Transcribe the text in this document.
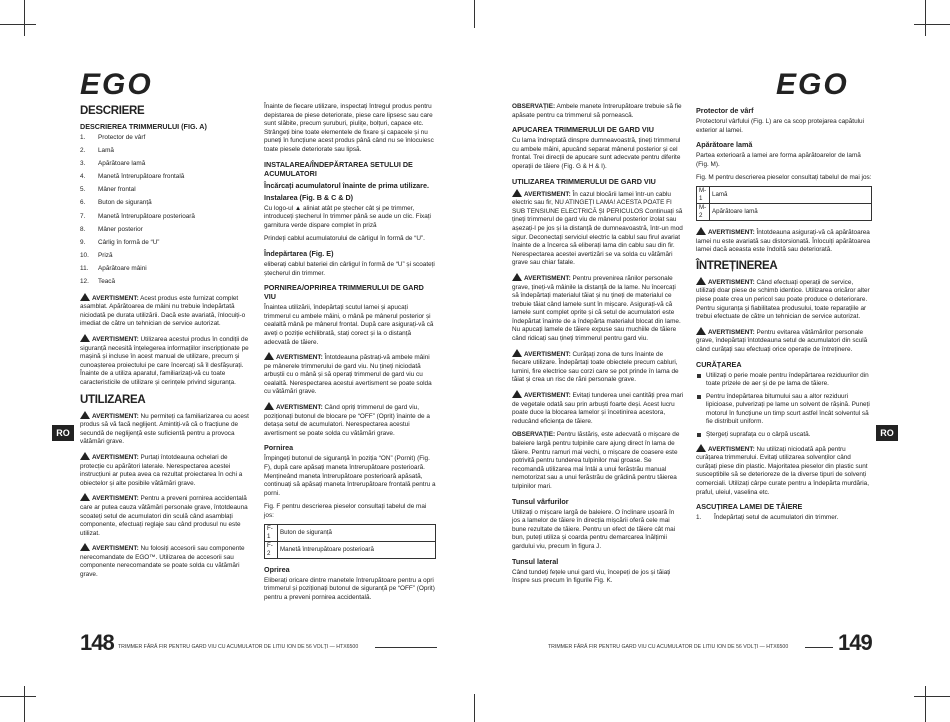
EGO	EGO
RO	RO
DESCRIERE
DESCRIEREA TRIMMERULUI (FIG. A)
1.	Protector de vârf
2.	Lamă
3.	Apărătoare lamă
4.	Manetă întrerupătoare frontală
5.	Mâner frontal
6.	Buton de siguranță
7.	Manetă întrerupătoare posterioară
8.	Mâner posterior
9.	Cârlig în formă de “U”
10.	Priză
11.	Apărătoare mâini
12.	Teacă

AVERTISMENT: Acest produs este furnizat complet asamblat. Apărătoarea de mâini nu trebuie îndepărtată niciodată pe durata utilizării. Dacă este avariată, înlocuiți-o imediat de către un tehnician de service autorizat.

AVERTISMENT: Utilizarea acestui produs în condiții de siguranță necesită înțelegerea informațiilor inscripționate pe mașină și incluse în acest manual de utilizare, precum și cunoașterea proiectului pe care încercați să îl desfășurați. Înainte de a utiliza aparatul, familiarizați-vă cu toate caracteristicile de utilizare și cerințele privind siguranța.

UTILIZAREA

AVERTISMENT: Nu permiteți ca familiarizarea cu acest produs să vă facă neglijent. Amintiți-vă că o fracțiune de secundă de neglijență este suficientă pentru a provoca vătămări grave.

AVERTISMENT: Purtați întotdeauna ochelari de protecție cu apărători laterale. Nerespectarea acestei instrucțiuni ar putea avea ca rezultat proiectarea în ochi a obiectelor și alte posibile vătămări grave.

AVERTISMENT: Pentru a preveni pornirea accidentală care ar putea cauza vătămări personale grave, întotdeauna scoateți setul de acumulatori din sculă când asamblați componente, efectuați reglaje sau când produsul nu este utilizat.

AVERTISMENT: Nu folosiți accesorii sau componente nerecomandate de EGO™. Utilizarea de accesorii sau componente nerecomandate se poate solda cu vătămări grave.

Înainte de fiecare utilizare, inspectați întregul produs pentru depistarea de piese deteriorate, piese care lipsesc sau care sunt slăbite, precum șuruburi, piulițe, bolțuri, capace etc. Strângeți bine toate elementele de fixare și capacele și nu puneți în funcțiune acest produs până când nu se înlocuiesc toate piesele deteriorate sau lipsă.

INSTALAREA/ÎNDEPĂRTAREA SETULUI DE ACUMULATORI
Încărcați acumulatorul înainte de prima utilizare.
Instalarea (Fig. B & C & D)

Cu logo-ul ▲ aliniat atât pe ștecher cât și pe trimmer, introduceți ștecherul în trimmer până se aude un clic. Fixați garnitura verde dispare complet în priză

Prindeți cablul acumulatorului de cârligul în formă de “U”.

Îndepărtarea (Fig. E)

eliberați cablul bateriei din cârligul în formă de “U” și scoateți ștecherul din trimmer.

PORNIREA/OPRIREA TRIMMERULUI DE GARD VIU

Înaintea utilizării, îndepărtați scutul lamei și apucați trimmerul cu ambele mâini, o mână pe mânerul posterior și cealaltă mână pe mânerul frontal. După care asigurați-vă că aveți o poziție echilibrată, stați corect și la o distanță adecvată de tăiere.

AVERTISMENT: Întotdeauna păstrați-vă ambele mâini pe mânerele trimmerului de gard viu. Nu țineți niciodată arbuștii cu o mână și să operați trimmerul de gard viu cu cealaltă. Nerespectarea acestui avertisment se poate solda cu vătămări grave.

AVERTISMENT: Când opriți trimmerul de gard viu, poziționați butonul de blocare pe “OFF” (Oprit) înainte de a detașa setul de acumulatori. Nerespectarea acestui avertisment se poate solda cu vătămări grave.

Pornirea

Împingeți butonul de siguranță în poziția “ON” (Pornit) (Fig. F), după care apăsați maneta întrerupătoare posterioară. Mențineând maneta întrerupătoare posterioară apăsată, continuați să apăsați maneta întrerupătoare frontală pentru a porni.

Fig. F pentru descrierea pieselor consultați tabelul de mai jos:

F-1	Buton de siguranță
F-2	Manetă întrerupătoare posterioară
Oprirea

Eliberați oricare dintre manetele întrerupătoare pentru a opri trimmerul și poziționați butonul de siguranță pe “OFF” (Oprit) pentru a preveni pornirea accidentală.

OBSERVAȚIE: Ambele manete întrerupătoare trebuie să fie apăsate pentru ca trimmerul să pornească.

APUCAREA TRIMMERULUI DE GARD VIU

Cu lama îndreptată dinspre dumneavoastră, țineți trimmerul cu ambele mâini, apucând separat mânerul posterior și cel frontal. Trei direcții de apucare sunt adecvate pentru diferite operații de tăiere (Fig. G & H & I).

UTILIZAREA TRIMMERULUI DE GARD VIU

AVERTISMENT: În cazul blocării lamei într-un cablu electric sau fir, NU ATINGEȚI LAMA! ACESTA POATE FI SUB TENSIUNE ELECTRICĂ ȘI PERICULOS Continuați să țineți trimmerul de gard viu de mânerul posterior izolat sau așezați-l pe jos și la distanță de dumneavoastră, într-un mod sigur. Deconectați serviciul electric la cablul sau firul avariat înainte de a încerca să eliberați lama din cablu sau din fir. Nerespectarea acestei avertizări se va solda cu vătămări grave sau chiar fatale.

AVERTISMENT: Pentru prevenirea rănilor personale grave, țineți-vă mâinile la distanță de la lame. Nu încercați să îndepărtați materialul tăiat și nu țineți de materialul ce trebuie tăiat când lamele sunt în mișcare. Asigurați-vă că lamele sunt complet oprite și că setul de acumulatori este îndepărtat înainte de a îndepărta materialul blocat din lame. Nu apucați lamele de tăiere expuse sau muchiile de tăiere când ridicați sau țineți trimmerul pentru gard viu.

AVERTISMENT: Curățați zona de tuns înainte de fiecare utilizare. Îndepărtați toate obiectele precum cabluri, lumini, fire electrice sau corzi care se pot prinde în lama de tăiat și crea un risc de răni personale grave.

AVERTISMENT: Evitați tunderea unei cantități prea mari de vegetale odată sau prin arbuști foarte deși. Acest lucru poate duce la blocarea lamelor și încetinirea acestora, reducând eficiența de tăiere.

OBSERVAȚIE: Pentru lăstăriș, este adecvată o mișcare de baleiere largă pentru tulpinile care ajung direct în lama de tăiere. Pentru ramuri mai vechi, o mișcare de coasere este potrivită pentru tunderea tulpinilor mai groase. Se recomandă utilizarea mai întâi a unui ferăstrău manual nemotorizat sau a unui ferăstrău de grădină pentru tăierea tulpinilor mari.

Tunsul vârfurilor

Utilizați o mișcare largă de baleiere. O înclinare ușoară în jos a lamelor de tăiere în direcția mișcării oferă cele mai bune rezultate de tăiere. Pentru un efect de tăiere cât mai bun, puteți utiliza și coarda pentru demarcarea înălțimii gardului viu, precum în figura J.

Tunsul lateral

Când tundeți fețele unui gard viu, începeți de jos și tăiați înspre sus precum în figurile Fig. K.

Protector de vârf

Protectorul vârfului (Fig. L) are ca scop protejarea capătului exterior al lamei.

Apărătoare lamă

Partea exterioară a lamei are forma apărătoarelor de lamă (Fig. M).

Fig. M pentru descrierea pieselor consultați tabelul de mai jos:

M-1	Lamă
M-2	Apărătoare lamă

AVERTISMENT: Întotdeauna asigurați-vă că apărătoarea lamei nu este avariată sau distorsionată. Înlocuiți apărătoarea lamei dacă aceasta este îndoită sau deteriorată.

ÎNTREȚINEREA

AVERTISMENT: Când efectuați operații de service, utilizați doar piese de schimb identice. Utilizarea oricăror alter piese poate crea un pericol sau poate produce o deteriorare. Pentru siguranța și fiabilitatea produsului, toate reparațiile ar trebui efectuate de către un tehnician de service autorizat.

AVERTISMENT: Pentru evitarea vătămărilor personale grave, îndepărtați întotdeauna setul de acumulatori din sculă când curățați sau efectuați orice operație de întreținere.

CURĂȚAREA
Utilizați o perie moale pentru îndepărtarea reziduurilor din toate prizele de aer și de pe lama de tăiere.
Pentru îndepărtarea bitumului sau a altor reziduuri lipicioase, pulverizați pe lame un solvent de rășină. Puneți motorul în funcțiune un timp scurt astfel încât solventul să fie distribuit uniform.
Ștergeți suprafața cu o cârpă uscată.

AVERTISMENT: Nu utilizați niciodată apă pentru curățarea trimmerului. Evitați utilizarea solvenților când curățați piese din plastic. Majoritatea pieselor din plastic sunt susceptibile să se deterioreze de la diverse tipuri de solvenți comerciali. Utilizați cârpe curate pentru a îndepărta murdăria, praful, uleiul, vaselina etc.

ASCUȚIREA LAMEI DE TĂIERE
1.	Îndepărtați setul de acumulatori din trimmer.
148 TRIMMER FĂRĂ FIR PENTRU GARD VIU CU ACUMULATOR DE LITIU ION DE 56 VOLȚI — HTX6500	149
TRIMMER FĂRĂ FIR PENTRU GARD VIU CU ACUMULATOR DE LITIU ION DE 56 VOLȚI — HTX6500
